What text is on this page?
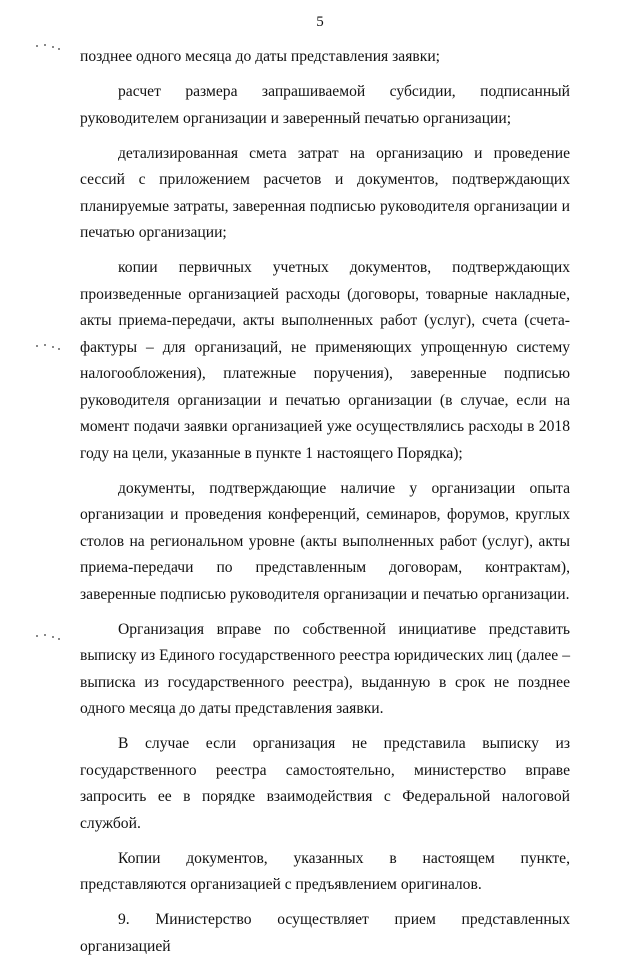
5

позднее одного месяца до даты представления заявки;

расчет размера запрашиваемой субсидии, подписанный руководителем организации и заверенный печатью организации;

детализированная смета затрат на организацию и проведение сессий с приложением расчетов и документов, подтверждающих планируемые затраты, заверенная подписью руководителя организации и печатью организации;

копии первичных учетных документов, подтверждающих произведенные организацией расходы (договоры, товарные накладные, акты приема-передачи, акты выполненных работ (услуг), счета (счета-фактуры – для организаций, не применяющих упрощенную систему налогообложения), платежные поручения), заверенные подписью руководителя организации и печатью организации (в случае, если на момент подачи заявки организацией уже осуществлялись расходы в 2018 году на цели, указанные в пункте 1 настоящего Порядка);

документы, подтверждающие наличие у организации опыта организации и проведения конференций, семинаров, форумов, круглых столов на региональном уровне (акты выполненных работ (услуг), акты приема-передачи по представленным договорам, контрактам), заверенные подписью руководителя организации и печатью организации.

Организация вправе по собственной инициативе представить выписку из Единого государственного реестра юридических лиц (далее – выписка из государственного реестра), выданную в срок не позднее одного месяца до даты представления заявки.

В случае если организация не представила выписку из государственного реестра самостоятельно, министерство вправе запросить ее в порядке взаимодействия с Федеральной налоговой службой.

Копии документов, указанных в настоящем пункте, представляются организацией с предъявлением оригиналов.

9. Министерство осуществляет прием представленных организацией
